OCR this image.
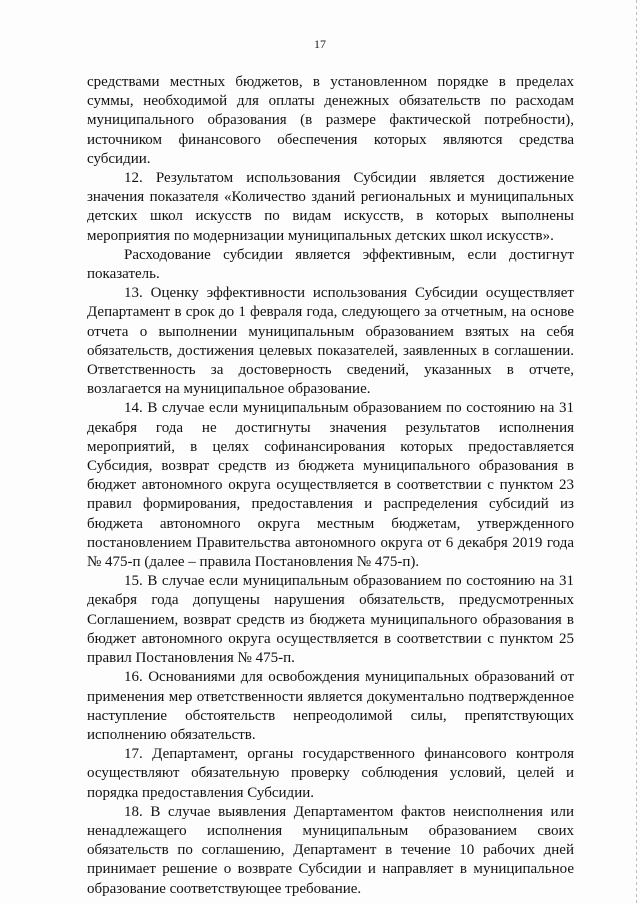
17

средствами местных бюджетов, в установленном порядке в пределах суммы, необходимой для оплаты денежных обязательств по расходам муниципального образования (в размере фактической потребности), источником финансового обеспечения которых являются средства субсидии.

12. Результатом использования Субсидии является достижение значения показателя «Количество зданий региональных и муниципальных детских школ искусств по видам искусств, в которых выполнены мероприятия по модернизации муниципальных детских школ искусств».

Расходование субсидии является эффективным, если достигнут показатель.

13. Оценку эффективности использования Субсидии осуществляет Департамент в срок до 1 февраля года, следующего за отчетным, на основе отчета о выполнении муниципальным образованием взятых на себя обязательств, достижения целевых показателей, заявленных в соглашении. Ответственность за достоверность сведений, указанных в отчете, возлагается на муниципальное образование.

14. В случае если муниципальным образованием по состоянию на 31 декабря года не достигнуты значения результатов исполнения мероприятий, в целях софинансирования которых предоставляется Субсидия, возврат средств из бюджета муниципального образования в бюджет автономного округа осуществляется в соответствии с пунктом 23 правил формирования, предоставления и распределения субсидий из бюджета автономного округа местным бюджетам, утвержденного постановлением Правительства автономного округа от 6 декабря 2019 года № 475-п (далее – правила Постановления № 475-п).

15. В случае если муниципальным образованием по состоянию на 31 декабря года допущены нарушения обязательств, предусмотренных Соглашением, возврат средств из бюджета муниципального образования в бюджет автономного округа осуществляется в соответствии с пунктом 25 правил Постановления № 475-п.

16. Основаниями для освобождения муниципальных образований от применения мер ответственности является документально подтвержденное наступление обстоятельств непреодолимой силы, препятствующих исполнению обязательств.

17. Департамент, органы государственного финансового контроля осуществляют обязательную проверку соблюдения условий, целей и порядка предоставления Субсидии.

18. В случае выявления Департаментом фактов неисполнения или ненадлежащего исполнения муниципальным образованием своих обязательств по соглашению, Департамент в течение 10 рабочих дней принимает решение о возврате Субсидии и направляет в муниципальное образование соответствующее требование.
